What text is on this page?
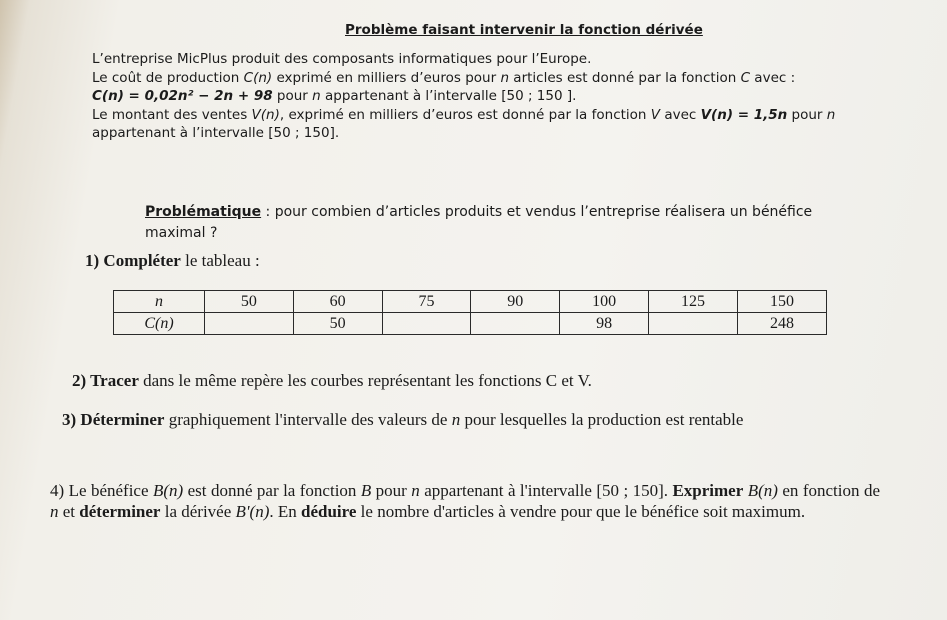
Problème faisant intervenir la fonction dérivée

L’entreprise MicPlus produit des composants informatiques pour l’Europe.

Le coût de production C(n) exprimé en milliers d’euros pour n articles est donné par la fonction C avec :

C(n) = 0,02n² − 2n + 98 pour n appartenant à l’intervalle [50 ; 150 ].

Le montant des ventes V(n), exprimé en milliers d’euros est donné par la fonction V avec V(n) = 1,5n pour n

appartenant à l’intervalle [50 ; 150].

Problématique : pour combien d’articles produits et vendus l’entreprise réalisera un bénéfice maximal ?
1) Compléter le tableau :
n	50	60	75	90	100	125	150
C(n)		50			98		248
2) Tracer dans le même repère les courbes représentant les fonctions C et V.
3) Déterminer graphiquement l'intervalle des valeurs de n pour lesquelles la production est rentable
4) Le bénéfice B(n) est donné par la fonction B pour n appartenant à l'intervalle [50 ; 150]. Exprimer B(n) en fonction de n et déterminer la dérivée B'(n). En déduire le nombre d'articles à vendre pour que le bénéfice soit maximum.
